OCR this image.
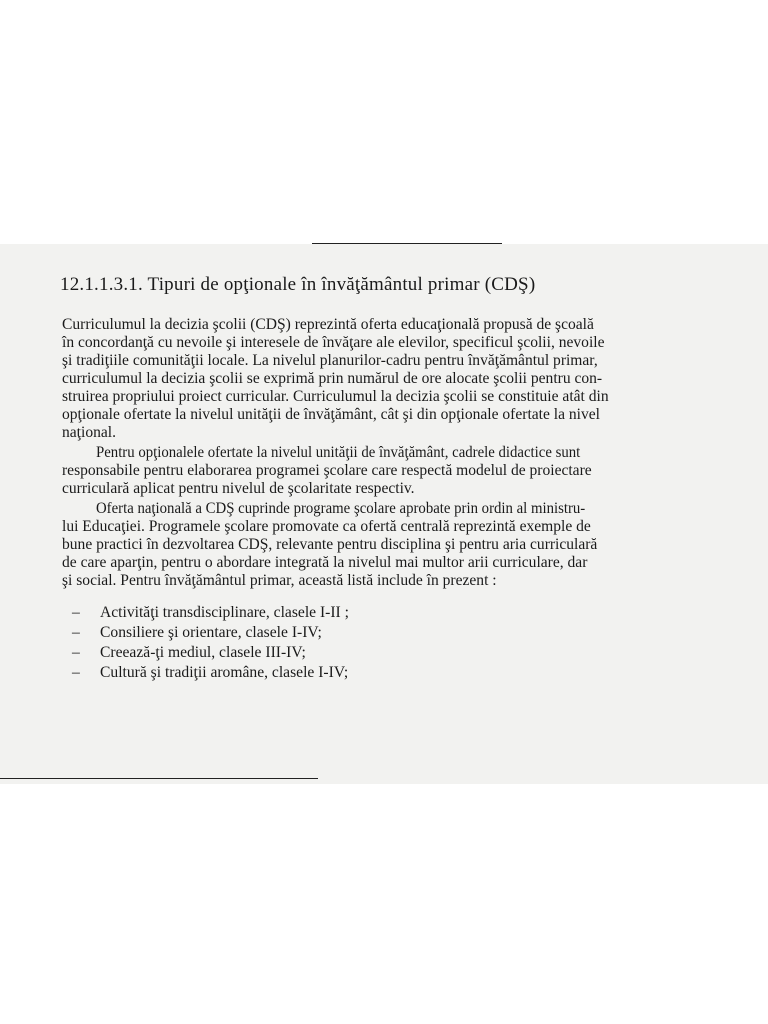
12.1.1.3.1. Tipuri de opţionale în învăţământul primar (CDŞ)
Curriculumul la decizia şcolii (CDŞ) reprezintă oferta educaţională propusă de şcoală
în concordanţă cu nevoile şi interesele de învăţare ale elevilor, specificul şcolii, nevoile
şi tradiţiile comunităţii locale. La nivelul planurilor-cadru pentru învăţământul primar,
curriculumul la decizia şcolii se exprimă prin numărul de ore alocate şcolii pentru con-
struirea propriului proiect curricular. Curriculumul la decizia şcolii se constituie atât din
opţionale ofertate la nivelul unităţii de învăţământ, cât şi din opţionale ofertate la nivel
naţional.
Pentru opţionalele ofertate la nivelul unităţii de învăţământ, cadrele didactice sunt
responsabile pentru elaborarea programei şcolare care respectă modelul de proiectare
curriculară aplicat pentru nivelul de şcolaritate respectiv.
Oferta naţională a CDŞ cuprinde programe şcolare aprobate prin ordin al ministru-
lui Educaţiei. Programele şcolare promovate ca ofertă centrală reprezintă exemple de
bune practici în dezvoltarea CDŞ, relevante pentru disciplina şi pentru aria curriculară
de care aparţin, pentru o abordare integrată la nivelul mai multor arii curriculare, dar
şi social. Pentru învăţământul primar, această listă include în prezent :
– Activităţi transdisciplinare, clasele I-II ;
– Consiliere şi orientare, clasele I-IV;
– Creează-ţi mediul, clasele III-IV;
– Cultură şi tradiţii aromâne, clasele I-IV;
